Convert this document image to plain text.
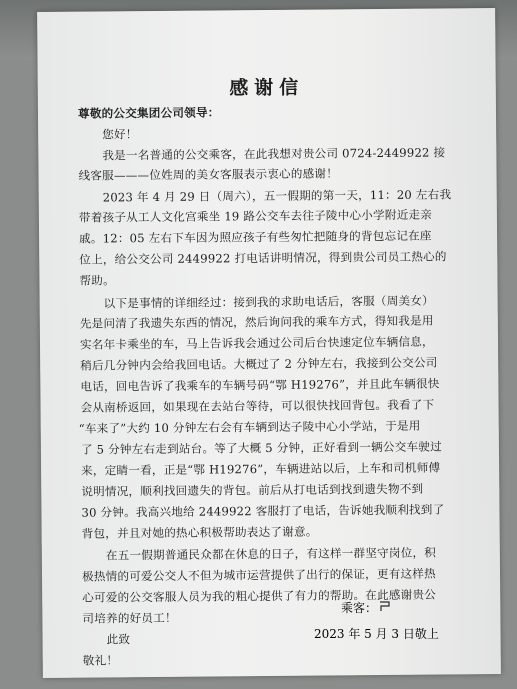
感谢信
尊敬的公交集团公司领导：
您好！
我是一名普通的公交乘客，在此我想对贵公司 0724-2449922 接
线客服———位姓周的美女客服表示衷心的感谢！
2023 年 4 月 29 日（周六），五一假期的第一天，11：20 左右我
带着孩子从工人文化宫乘坐 19 路公交车去往子陵中心小学附近走亲
戚。12：05 左右下车因为照应孩子有些匆忙把随身的背包忘记在座
位上，给公交公司 2449922 打电话讲明情况，得到贵公司员工热心的
帮助。
以下是事情的详细经过：接到我的求助电话后，客服（周美女）
先是问清了我遗失东西的情况，然后询问我的乘车方式，得知我是用
实名年卡乘坐的车，马上告诉我会通过公司后台快速定位车辆信息，
稍后几分钟内会给我回电话。大概过了 2 分钟左右，我接到公交公司
电话，回电告诉了我乘车的车辆号码“鄂 H19276”，并且此车辆很快
会从南桥返回，如果现在去站台等待，可以很快找回背包。我看了下
“车来了”大约 10 分钟左右会有车辆到达子陵中心小学站，于是用
了 5 分钟左右走到站台。等了大概 5 分钟，正好看到一辆公交车驶过
来，定睛一看，正是“鄂 H19276”，车辆进站以后，上车和司机师傅
说明情况，顺利找回遗失的背包。前后从打电话到找到遗失物不到
30 分钟。我高兴地给 2449922 客服打了电话，告诉她我顺利找到了
背包，并且对她的热心积极帮助表达了谢意。
在五一假期普通民众都在休息的日子，有这样一群坚守岗位，积
极热情的可爱公交人不但为城市运营提供了出行的保证，更有这样热
心可爱的公交客服人员为我的粗心提供了有力的帮助。在此感谢贵公
司培养的好员工！
此致
敬礼！
乘客：
2023 年 5 月 3 日敬上
